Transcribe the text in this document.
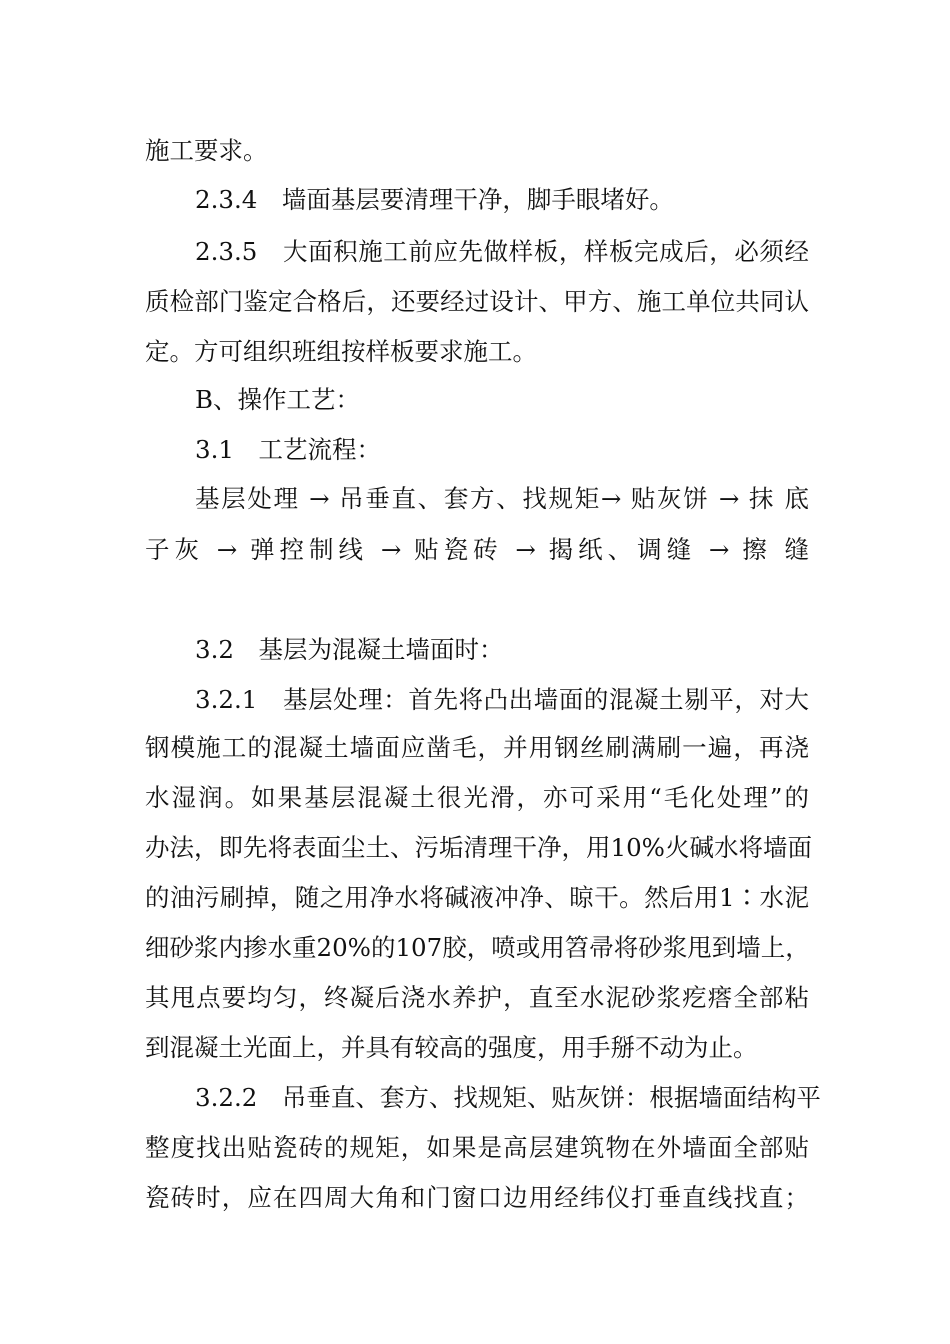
施工要求。
2.3.4　墙面基层要清理干净，脚手眼堵好。
2.3.5　大面积施工前应先做样板，样板完成后，必须经
质检部门鉴定合格后，还要经过设计、甲方、施工单位共同认
定。方可组织班组按样板要求施工。
B、操作工艺：
3.1　工艺流程：
基层处理 → 吊垂直、套方、找规矩→ 贴灰饼 → 抹 底
子灰 → 弹控制线 → 贴瓷砖 → 揭纸、调缝 → 擦 缝
3.2　基层为混凝土墙面时：
3.2.1　基层处理：首先将凸出墙面的混凝土剔平，对大
钢模施工的混凝土墙面应凿毛，并用钢丝刷满刷一遍，再浇
水湿润。如果基层混凝土很光滑，亦可采用“毛化处理”的
办法，即先将表面尘土、污垢清理干净，用10%火碱水将墙面
的油污刷掉，随之用净水将碱液冲净、晾干。然后用1∶水泥
细砂浆内掺水重20%的107胶，喷或用笤帚将砂浆甩到墙上，
其甩点要均匀，终凝后浇水养护，直至水泥砂浆疙瘩全部粘
到混凝土光面上，并具有较高的强度，用手掰不动为止。
3.2.2　吊垂直、套方、找规矩、贴灰饼：根据墙面结构平
整度找出贴瓷砖的规矩，如果是高层建筑物在外墙面全部贴
瓷砖时，应在四周大角和门窗口边用经纬仪打垂直线找直；
